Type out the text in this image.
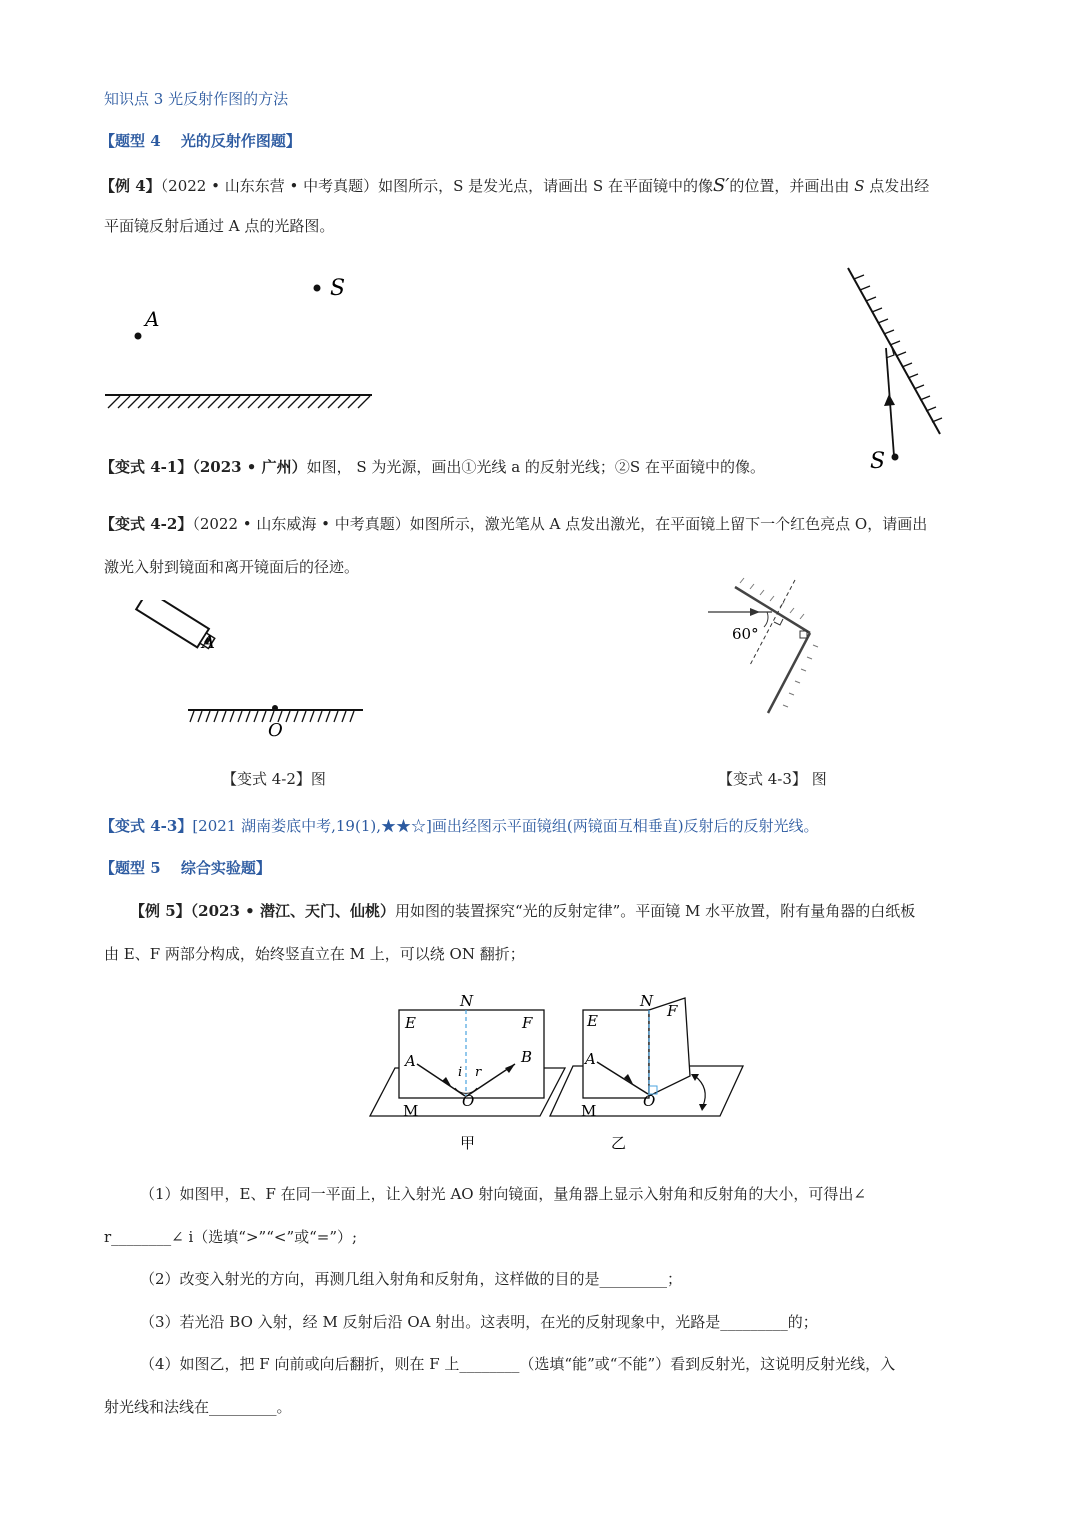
知识点 3 光反射作图的方法
【题型 4　 光的反射作图题】
【例 4】（2022 • 山东东营 • 中考真题）如图所示，S 是发光点，请画出 S 在平面镜中的像S′的位置，并画出由 S 点发出经
平面镜反射后通过 A 点的光路图。
S
A
S
【变式 4-1】（2023 • 广州）如图， S 为光源，画出①光线 a 的反射光线；②S 在平面镜中的像。
【变式 4-2】（2022 • 山东威海 • 中考真题）如图所示，激光笔从 A 点发出激光，在平面镜上留下一个红色亮点 O，请画出
激光入射到镜面和离开镜面后的径迹。
A
O
60°
【变式 4-2】图	【变式 4-3】 图
【变式 4-3】[2021 湖南娄底中考,19(1),★★☆]画出经图示平面镜组(两镜面互相垂直)反射后的反射光线。
【题型 5　 综合实验题】
【例 5】（2023 • 潜江、天门、仙桃）用如图的装置探究“光的反射定律”。平面镜 M 水平放置，附有量角器的白纸板
由 E、F 两部分构成，始终竖直立在 M 上，可以绕 ON 翻折；
N
E	F
A	B
i r
O
M
N
E
F
A
O
M
甲	乙
（1）如图甲，E、F 在同一平面上，让入射光 AO 射向镜面，量角器上显示入射角和反射角的大小，可得出∠
r________∠ i（选填“>”“<”或“=”）;
（2）改变入射光的方向，再测几组入射角和反射角，这样做的目的是_________；
（3）若光沿 BO 入射，经 M 反射后沿 OA 射出。这表明，在光的反射现象中，光路是_________的；
（4）如图乙，把 F 向前或向后翻折，则在 F 上________（选填“能”或“不能”）看到反射光，这说明反射光线，入
射光线和法线在_________。
